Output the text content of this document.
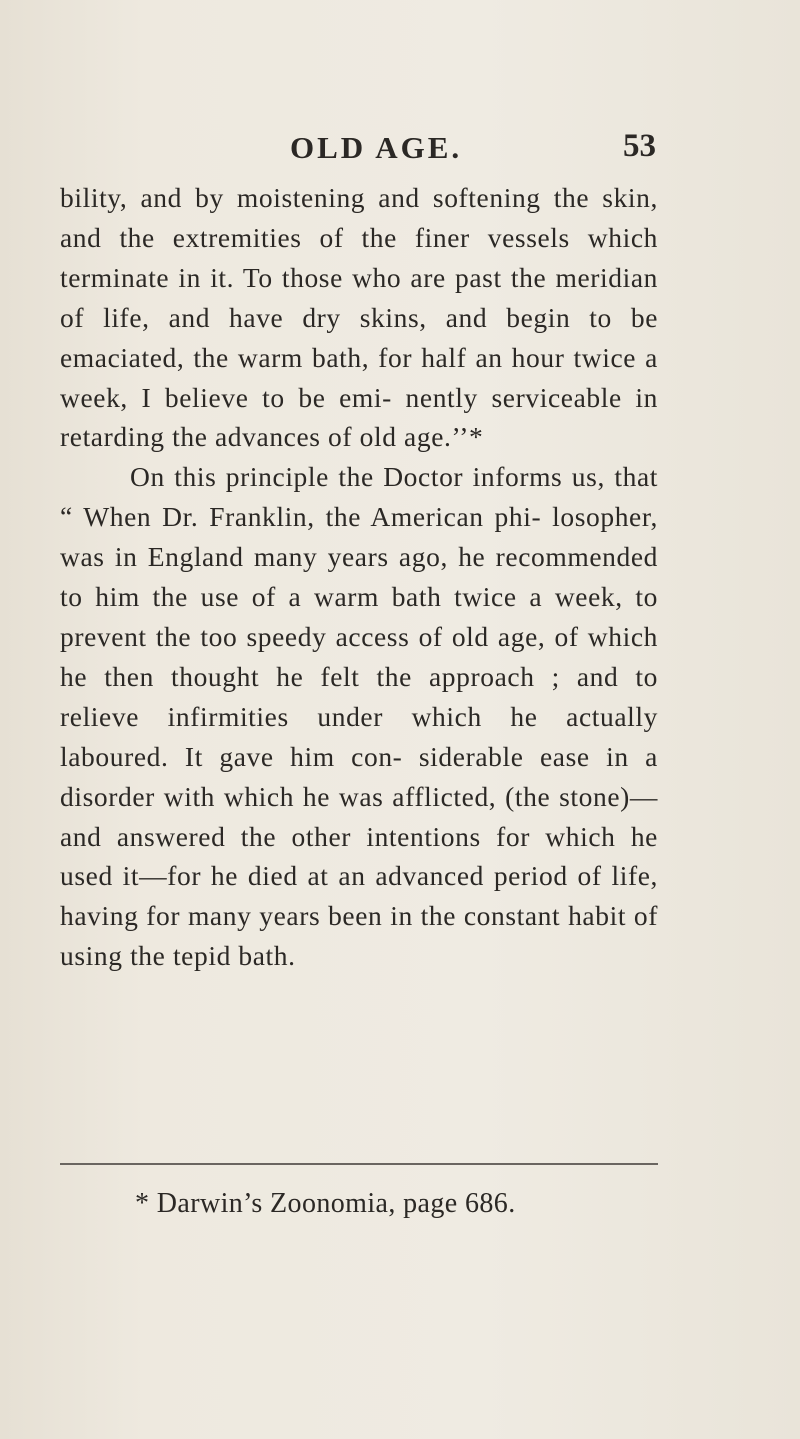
OLD AGE.	53

bility, and by moistening and softening the skin, and the extremities of the finer vessels which terminate in it. To those who are past the meridian of life, and have dry skins, and begin to be emaciated, the warm bath, for half an hour twice a week, I believe to be emi- nently serviceable in retarding the advances of old age.’’*

On this principle the Doctor informs us, that “ When Dr. Franklin, the American phi- losopher, was in England many years ago, he recommended to him the use of a warm bath twice a week, to prevent the too speedy access of old age, of which he then thought he felt the approach ; and to relieve infirmities under which he actually laboured. It gave him con- siderable ease in a disorder with which he was afflicted, (the stone)—and answered the other intentions for which he used it—for he died at an advanced period of life, having for many years been in the constant habit of using the tepid bath.

* Darwin’s Zoonomia, page 686.
